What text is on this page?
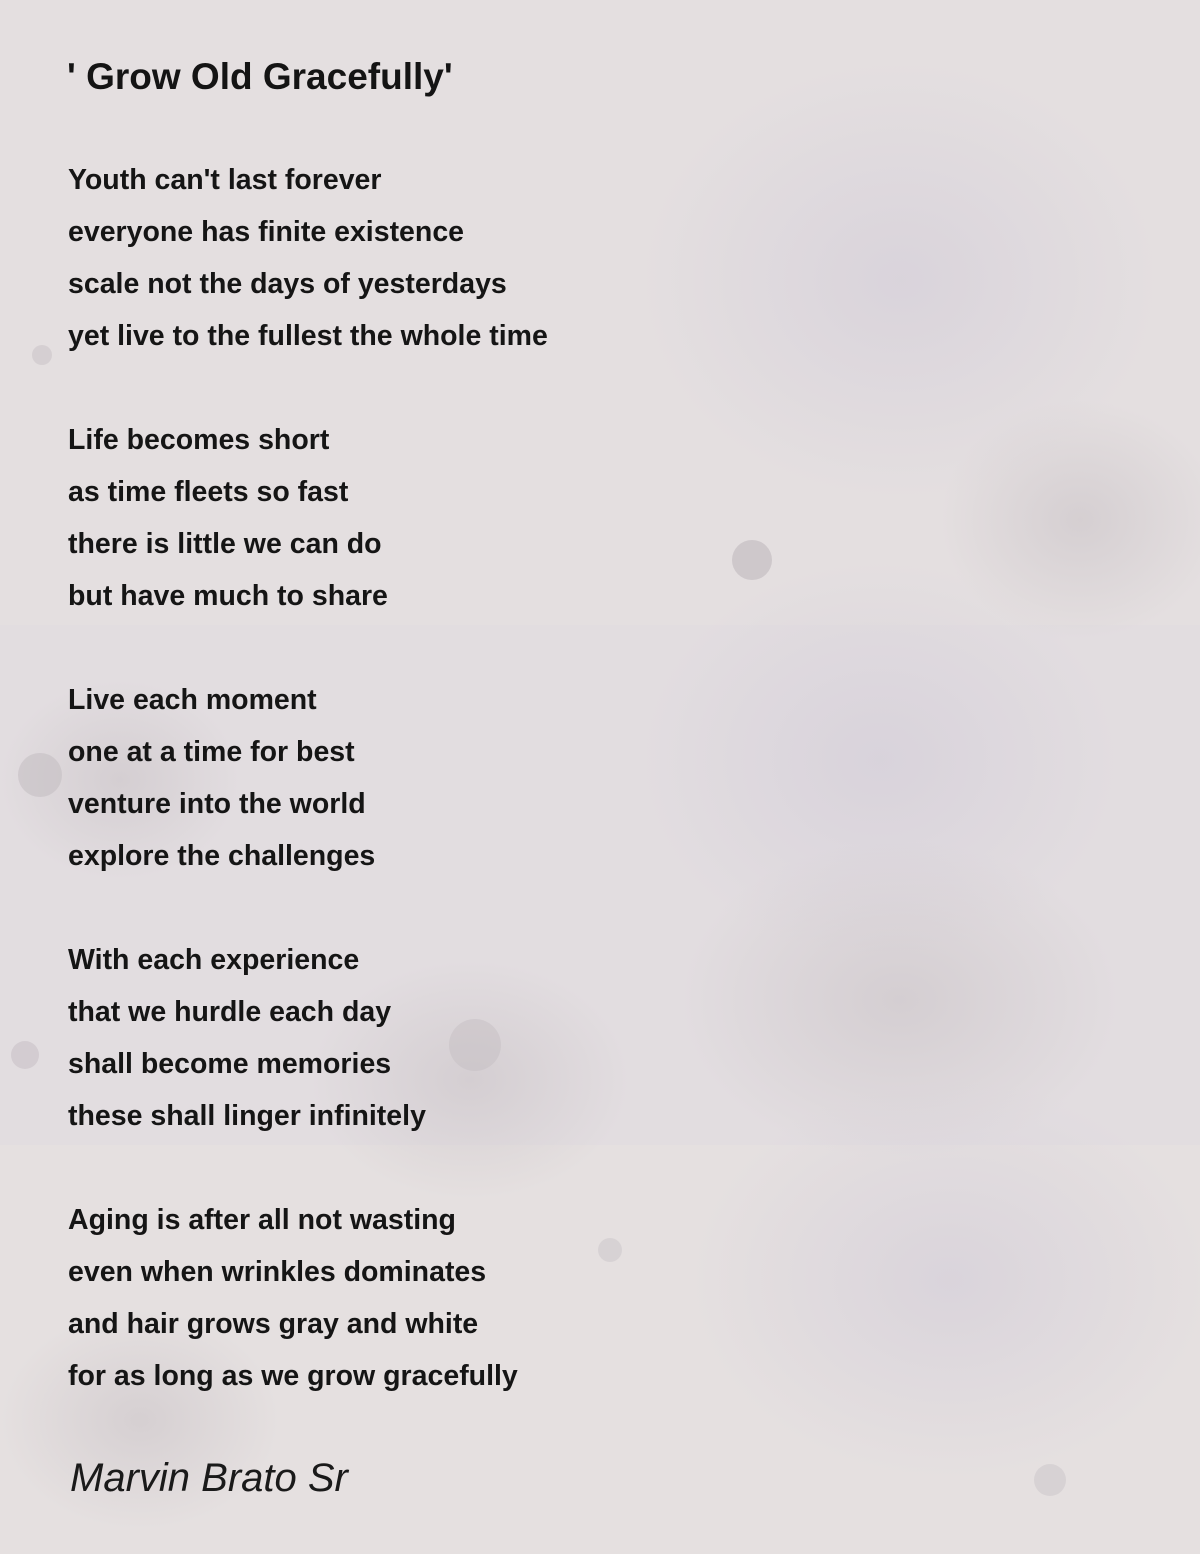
' Grow Old Gracefully'
Youth can't last forever
everyone has finite existence
scale not the days of yesterdays
yet live to the fullest the whole time
Life becomes short
as time fleets so fast
there is little we can do
but have much to share
Live each moment
one at a time for best
venture into the world
explore the challenges
With each experience
that we hurdle each day
shall become memories
these shall linger infinitely
Aging is after all not wasting
even when wrinkles dominates
and hair grows gray and white
for as long as we grow gracefully

Marvin Brato Sr
